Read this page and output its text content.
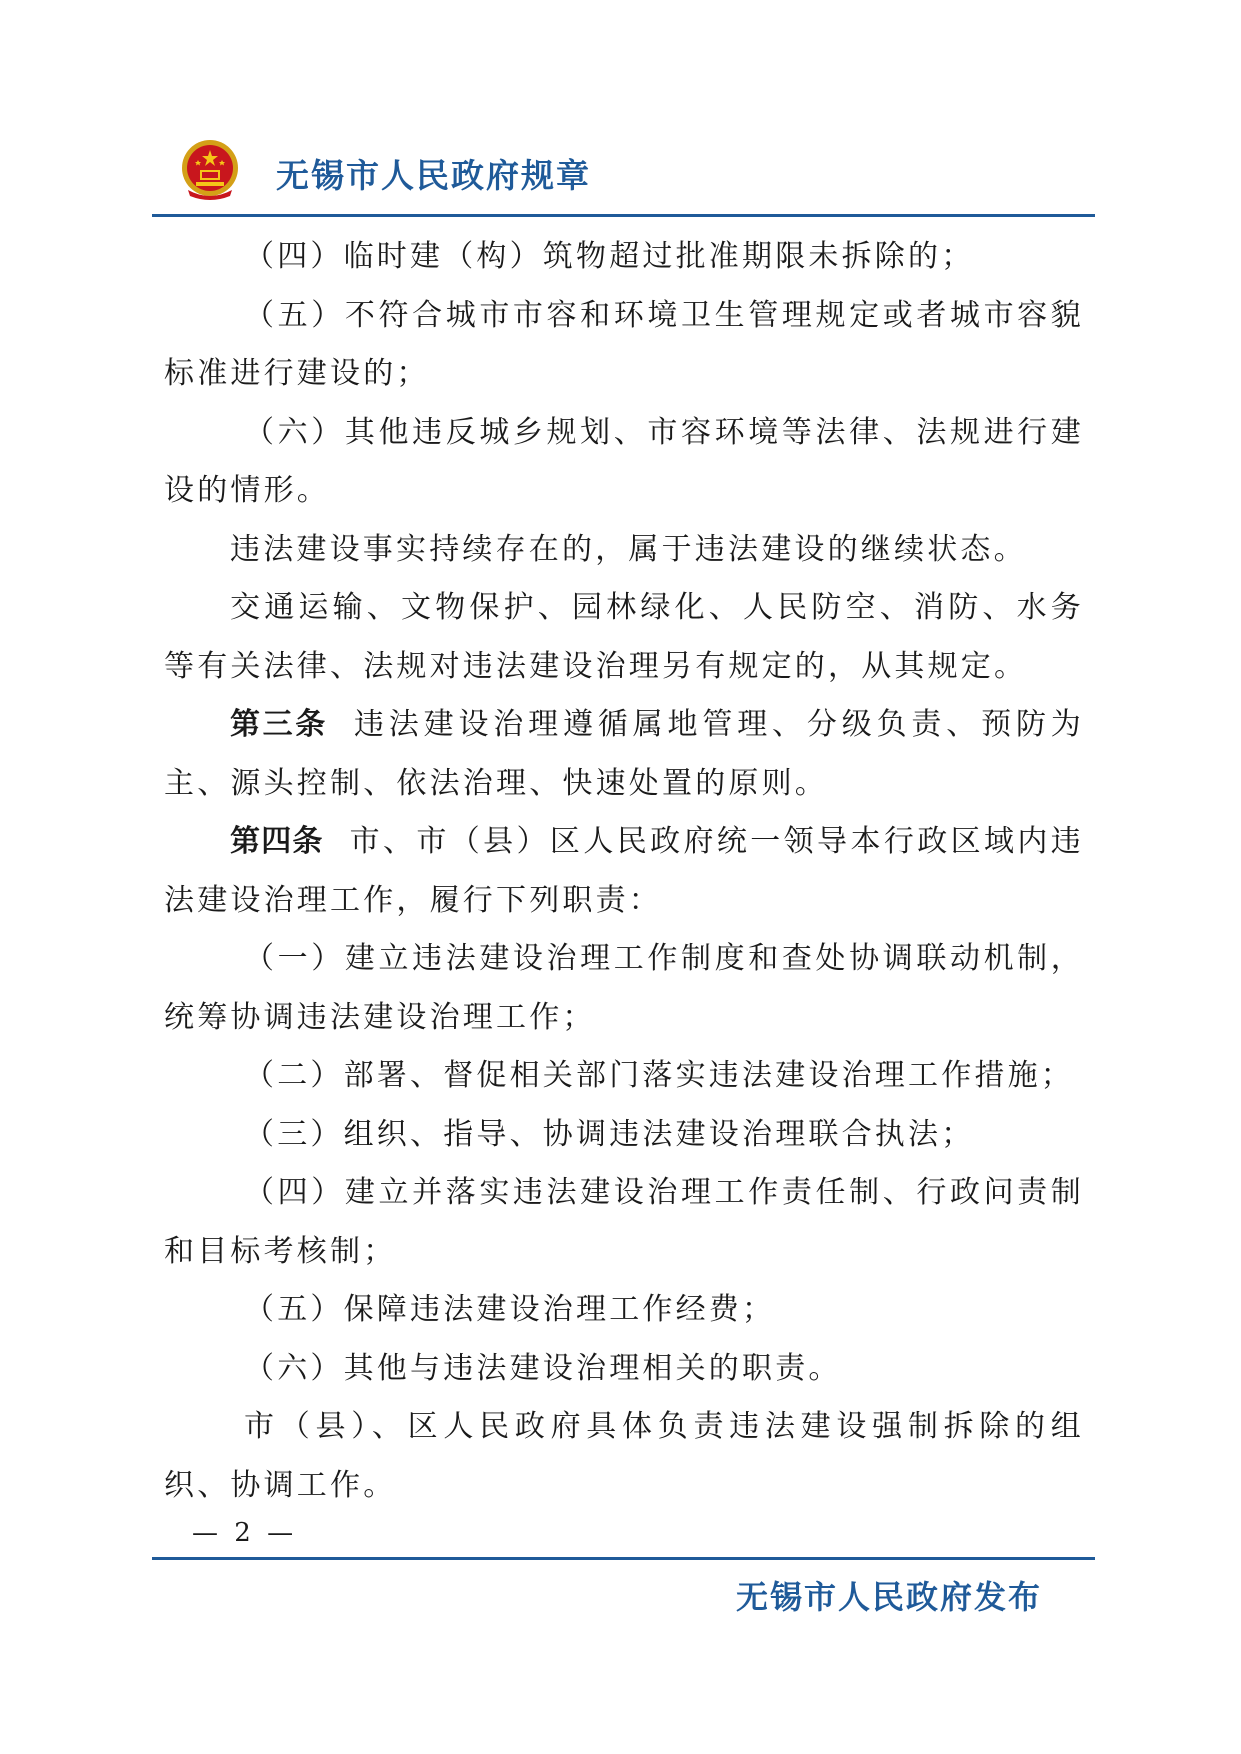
无锡市人民政府规章

（四）临时建（构）筑物超过批准期限未拆除的；

（五）不符合城市市容和环境卫生管理规定或者城市容貌标准进行建设的；

（六）其他违反城乡规划、市容环境等法律、法规进行建设的情形。

违法建设事实持续存在的，属于违法建设的继续状态。

交通运输、文物保护、园林绿化、人民防空、消防、水务等有关法律、法规对违法建设治理另有规定的，从其规定。

第三条 违法建设治理遵循属地管理、分级负责、预防为主、源头控制、依法治理、快速处置的原则。

第四条 市、市（县）区人民政府统一领导本行政区域内违法建设治理工作，履行下列职责：

（一）建立违法建设治理工作制度和查处协调联动机制，统筹协调违法建设治理工作；

（二）部署、督促相关部门落实违法建设治理工作措施；

（三）组织、指导、协调违法建设治理联合执法；

（四）建立并落实违法建设治理工作责任制、行政问责制和目标考核制；

（五）保障违法建设治理工作经费；

（六）其他与违法建设治理相关的职责。

市（县）、区人民政府具体负责违法建设强制拆除的组织、协调工作。

— 2 —
无锡市人民政府发布
